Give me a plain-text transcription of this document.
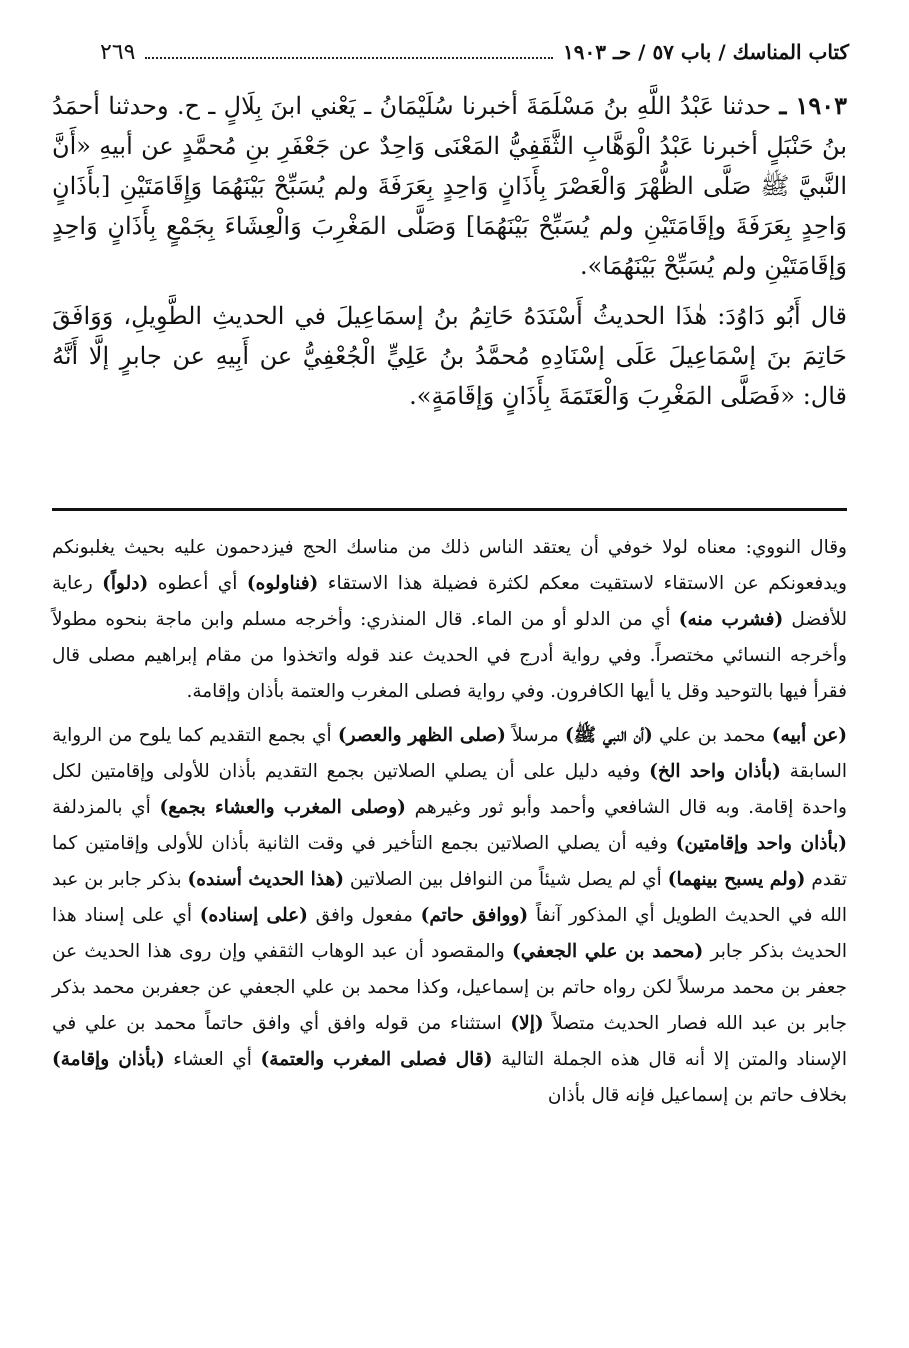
كتاب المناسك / باب ٥٧ / حـ ١٩٠٣
٢٦٩

١٩٠٣ ـ حدثنا عَبْدُ اللَّهِ بنُ مَسْلَمَةَ أخبرنا سُلَيْمَانُ ـ يَعْني ابنَ بِلَالٍ ـ ح. وحدثنا أحمَدُ بنُ حَنْبَلٍ أخبرنا عَبْدُ الْوَهَّابِ الثَّقَفِيُّ المَعْنَى وَاحِدٌ عن جَعْفَرِ بنِ مُحمَّدٍ عن أبيهِ «أَنَّ النَّبيَّ ﷺ صَلَّى الظُّهْرَ وَالْعَصْرَ بِأَذَانٍ وَاحِدٍ بِعَرَفَةَ ولم يُسَبِّحْ بَيْنَهُمَا وَإِقَامَتَيْنِ [بأَذَانٍ وَاحِدٍ بِعَرَفَةَ وإقَامَتَيْنِ ولم يُسَبِّحْ بَيْنَهُمَا] وَصَلَّى المَغْرِبَ وَالْعِشَاءَ بِجَمْعٍ بِأَذَانٍ وَاحِدٍ وَإقَامَتَيْنِ ولم يُسَبِّحْ بَيْنَهُمَا».

قال أَبُو دَاوُدَ: هٰذَا الحديثُ أَسْنَدَهُ حَاتِمُ بنُ إسمَاعِيلَ في الحديثِ الطَّوِيلِ، وَوَافَقَ حَاتِمَ بنَ إسْمَاعِيلَ عَلَى إسْنَادِهِ مُحمَّدُ بنُ عَلِيٍّ الْجُعْفِيُّ عن أَبِيهِ عن جابرٍ إلَّا أَنَّهُ قال: «فَصَلَّى المَغْرِبَ وَالْعَتَمَةَ بِأَذَانٍ وَإقَامَةٍ».

وقال النووي: معناه لولا خوفي أن يعتقد الناس ذلك من مناسك الحج فيزدحمون عليه بحيث يغلبونكم ويدفعونكم عن الاستقاء لاستقيت معكم لكثرة فضيلة هذا الاستقاء (فناولوه) أي أعطوه (دلواً) رعاية للأفضل (فشرب منه) أي من الدلو أو من الماء. قال المنذري: وأخرجه مسلم وابن ماجة بنحوه مطولاً وأخرجه النسائي مختصراً. وفي رواية أدرج في الحديث عند قوله واتخذوا من مقام إبراهيم مصلى قال فقرأ فيها بالتوحيد وقل يا أيها الكافرون. وفي رواية فصلى المغرب والعتمة بأذان وإقامة.

(عن أبيه) محمد بن علي (أن النبي ﷺ) مرسلاً (صلى الظهر والعصر) أي بجمع التقديم كما يلوح من الرواية السابقة (بأذان واحد الخ) وفيه دليل على أن يصلي الصلاتين بجمع التقديم بأذان للأولى وإقامتين لكل واحدة إقامة. وبه قال الشافعي وأحمد وأبو ثور وغيرهم (وصلى المغرب والعشاء بجمع) أي بالمزدلفة (بأذان واحد وإقامتين) وفيه أن يصلي الصلاتين بجمع التأخير في وقت الثانية بأذان للأولى وإقامتين كما تقدم (ولم يسبح بينهما) أي لم يصل شيئاً من النوافل بين الصلاتين (هذا الحديث أسنده) بذكر جابر بن عبد الله في الحديث الطويل أي المذكور آنفاً (ووافق حاتم) مفعول وافق (على إسناده) أي على إسناد هذا الحديث بذكر جابر (محمد بن علي الجعفي) والمقصود أن عبد الوهاب الثقفي وإن روى هذا الحديث عن جعفر بن محمد مرسلاً لكن رواه حاتم بن إسماعيل، وكذا محمد بن علي الجعفي عن جعفربن محمد بذكر جابر بن عبد الله فصار الحديث متصلاً (إلا) استثناء من قوله وافق أي وافق حاتماً محمد بن علي في الإسناد والمتن إلا أنه قال هذه الجملة التالية (قال فصلى المغرب والعتمة) أي العشاء (بأذان وإقامة) بخلاف حاتم بن إسماعيل فإنه قال بأذان
